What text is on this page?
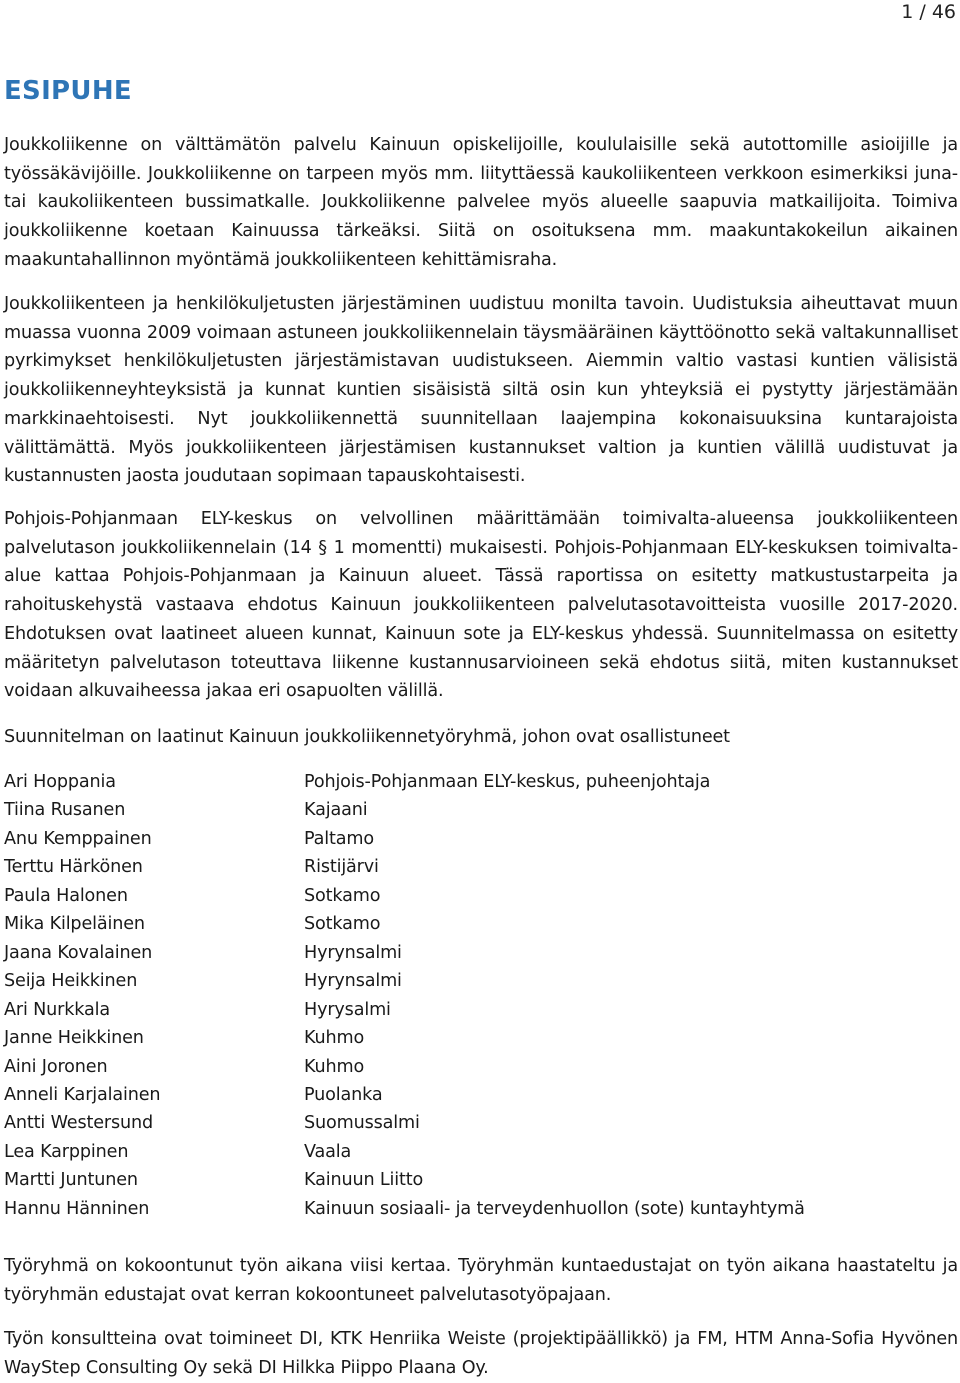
1 / 46
ESIPUHE

Joukkoliikenne on välttämätön palvelu Kainuun opiskelijoille, koululaisille sekä autottomille asioijille ja työssäkävijöille. Joukkoliikenne on tarpeen myös mm. liityttäessä kaukoliikenteen verkkoon esimerkiksi juna- tai kaukoliikenteen bussimatkalle. Joukkoliikenne palvelee myös alueelle saapuvia matkailijoita. Toimiva joukkoliikenne koetaan Kainuussa tärkeäksi. Siitä on osoituksena mm. maakuntakokeilun aikainen maakuntahallinnon myöntämä joukkoliikenteen kehittämisraha.

Joukkoliikenteen ja henkilökuljetusten järjestäminen uudistuu monilta tavoin. Uudistuksia aiheuttavat muun muassa vuonna 2009 voimaan astuneen joukkoliikennelain täysmääräinen käyttöönotto sekä valtakunnalliset pyrkimykset henkilökuljetusten järjestämistavan uudistukseen. Aiemmin valtio vastasi kuntien välisistä joukkoliikenneyhteyksistä ja kunnat kuntien sisäisistä siltä osin kun yhteyksiä ei pystytty järjestämään markkinaehtoisesti. Nyt joukkoliikennettä suunnitellaan laajempina kokonaisuuksina kuntarajoista välittämättä. Myös joukkoliikenteen järjestämisen kustannukset valtion ja kuntien välillä uudistuvat ja kustannusten jaosta joudutaan sopimaan tapauskohtaisesti.

Pohjois-Pohjanmaan ELY-keskus on velvollinen määrittämään toimivalta-alueensa joukkoliikenteen palvelutason joukkoliikennelain (14 § 1 momentti) mukaisesti. Pohjois-Pohjanmaan ELY-keskuksen toimivalta-alue kattaa Pohjois-Pohjanmaan ja Kainuun alueet. Tässä raportissa on esitetty matkustustarpeita ja rahoituskehystä vastaava ehdotus Kainuun joukkoliikenteen palvelutasotavoitteista vuosille 2017-2020. Ehdotuksen ovat laatineet alueen kunnat, Kainuun sote ja ELY-keskus yhdessä. Suunnitelmassa on esitetty määritetyn palvelutason toteuttava liikenne kustannusarvioineen sekä ehdotus siitä, miten kustannukset voidaan alkuvaiheessa jakaa eri osapuolten välillä.

Suunnitelman on laatinut Kainuun joukkoliikennetyöryhmä, johon ovat osallistuneet

Ari Hoppania	Pohjois-Pohjanmaan ELY-keskus, puheenjohtaja
Tiina Rusanen	Kajaani
Anu Kemppainen	Paltamo
Terttu Härkönen	Ristijärvi
Paula Halonen	Sotkamo
Mika Kilpeläinen	Sotkamo
Jaana Kovalainen	Hyrynsalmi
Seija Heikkinen	Hyrynsalmi
Ari Nurkkala	Hyrysalmi
Janne Heikkinen	Kuhmo
Aini Joronen	Kuhmo
Anneli Karjalainen	Puolanka
Antti Westersund	Suomussalmi
Lea Karppinen	Vaala
Martti Juntunen	Kainuun Liitto
Hannu Hänninen	Kainuun sosiaali- ja terveydenhuollon (sote) kuntayhtymä

Työryhmä on kokoontunut työn aikana viisi kertaa. Työryhmän kuntaedustajat on työn aikana haastateltu ja työryhmän edustajat ovat kerran kokoontuneet palvelutasotyöpajaan.

Työn konsultteina ovat toimineet DI, KTK Henriika Weiste (projektipäällikkö) ja FM, HTM Anna-Sofia Hyvönen WayStep Consulting Oy sekä DI Hilkka Piippo Plaana Oy.
